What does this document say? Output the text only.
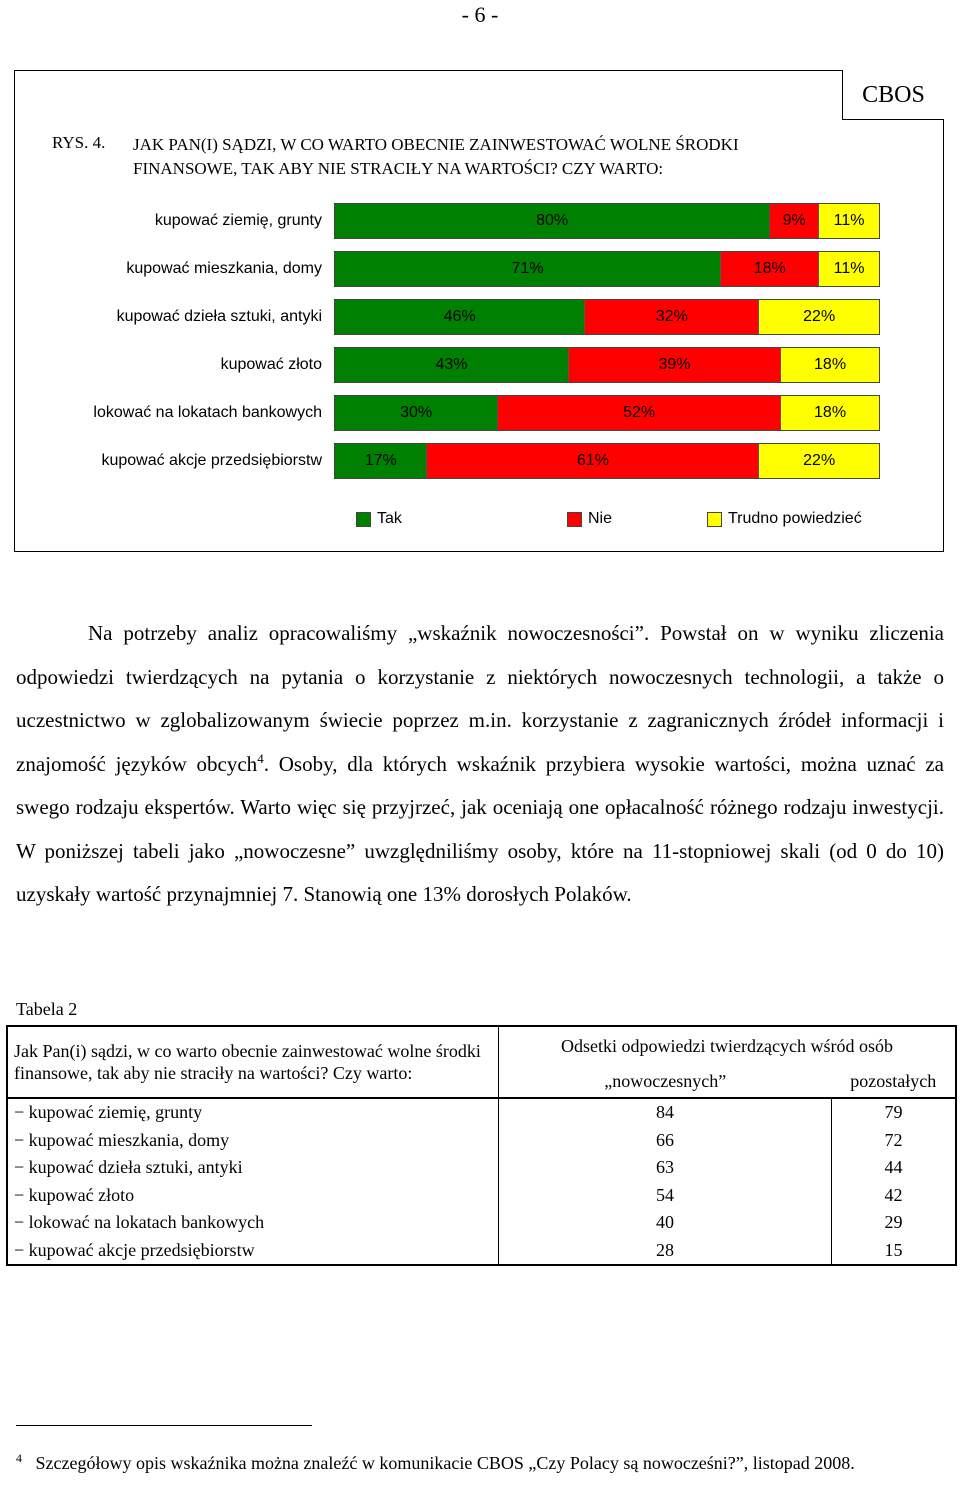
- 6 -
CBOS
RYS. 4. JAK PAN(I) SĄDZI, W CO WARTO OBECNIE ZAINWESTOWAĆ WOLNE ŚRODKI FINANSOWE, TAK ABY NIE STRACIŁY NA WARTOŚCI? CZY WARTO:
kupować ziemię, grunty	80%	9% 11%
kupować mieszkania, domy	71%	18%	11%
kupować dzieła sztuki, antyki	46%	32%	22%
kupować złoto	43%	39%	18%
lokować na lokatach bankowych	30%	52%	18%
kupować akcje przedsiębiorstw	17%	61%	22%
Tak	Nie	Trudno powiedzieć

Na potrzeby analiz opracowaliśmy „wskaźnik nowoczesności”. Powstał on w wyniku zliczenia odpowiedzi twierdzących na pytania o korzystanie z niektórych nowoczesnych technologii, a także o uczestnictwo w zglobalizowanym świecie poprzez m.in. korzystanie z zagranicznych źródeł informacji i znajomość języków obcych$^4$. Osoby, dla których wskaźnik przybiera wysokie wartości, można uznać za swego rodzaju ekspertów. Warto więc się przyjrzeć, jak oceniają one opłacalność różnego rodzaju inwestycji. W poniższej tabeli jako „nowoczesne” uwzględniliśmy osoby, które na 11-stopniowej skali (od 0 do 10) uzyskały wartość przynajmniej 7. Stanowią one 13% dorosłych Polaków.

Tabela 2
Jak Pan(i) sądzi, w co warto obecnie zainwestować wolne środki finansowe, tak aby nie straciły na wartości? Czy warto:	Odsetki odpowiedzi twierdzących wśród osób	
	„nowoczesnych”	pozostałych
− kupować ziemię, grunty	84	79
− kupować mieszkania, domy	66	72
− kupować dzieła sztuki, antyki	63	44
− kupować złoto	54	42
− lokować na lokatach bankowych	40	29
− kupować akcje przedsiębiorstw	28	15
$^4$ Szczegółowy opis wskaźnika można znaleźć w komunikacie CBOS „Czy Polacy są nowocześni?”, listopad 2008.
